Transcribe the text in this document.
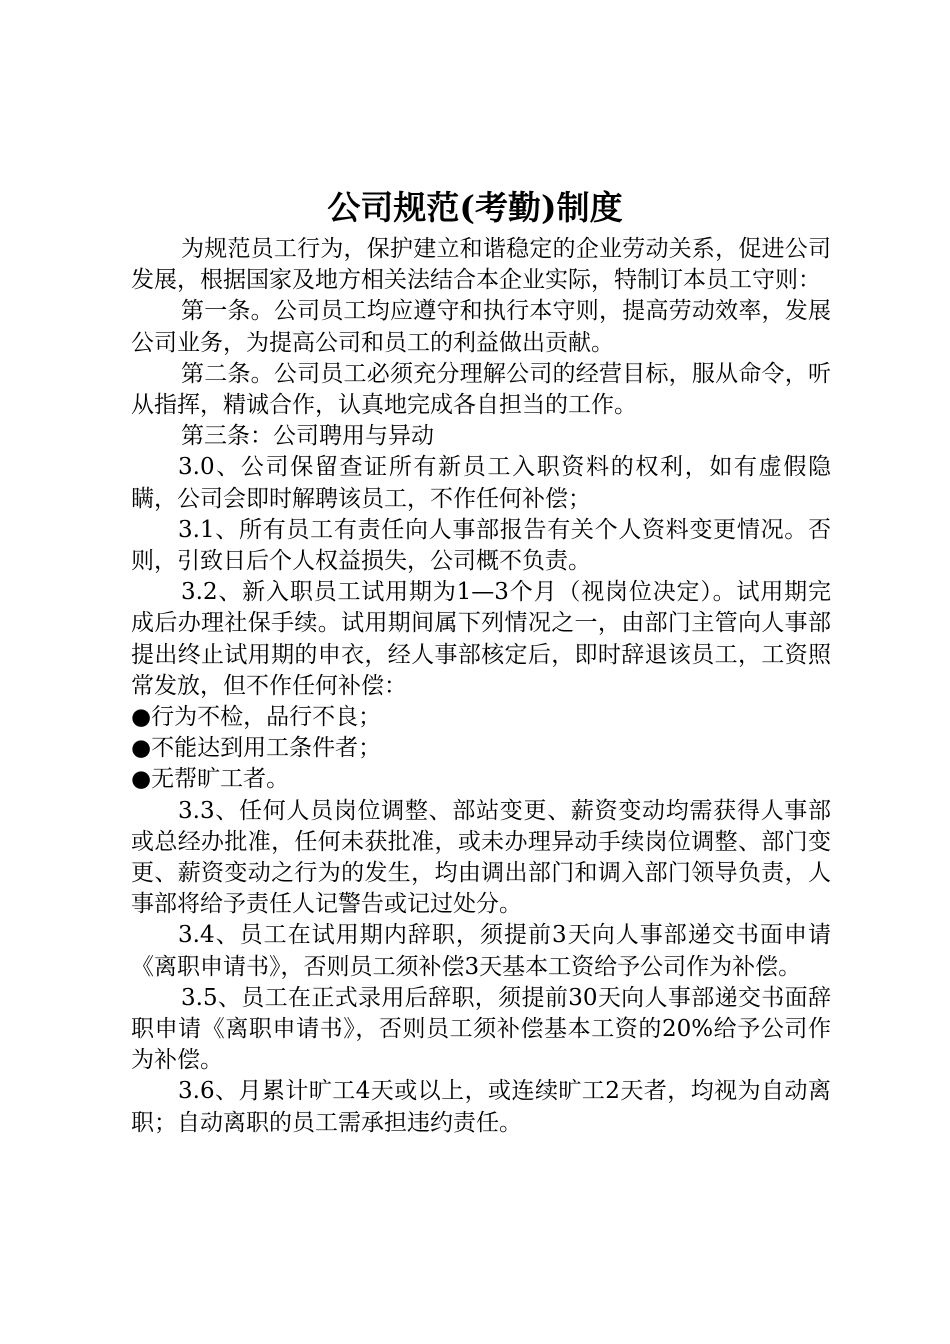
公司规范(考勤)制度

为规范员工行为，保护建立和谐稳定的企业劳动关系，促进公司发展，根据国家及地方相关法结合本企业实际，特制订本员工守则：

第一条。公司员工均应遵守和执行本守则，提高劳动效率，发展公司业务，为提高公司和员工的利益做出贡献。

第二条。公司员工必须充分理解公司的经营目标，服从命令，听从指挥，精诚合作，认真地完成各自担当的工作。

第三条：公司聘用与异动

3.0、公司保留查证所有新员工入职资料的权利，如有虚假隐瞒，公司会即时解聘该员工，不作任何补偿；

3.1、所有员工有责任向人事部报告有关个人资料变更情况。否则，引致日后个人权益损失，公司概不负责。

3.2、新入职员工试用期为1—3个月（视岗位决定）。试用期完成后办理社保手续。试用期间属下列情况之一，由部门主管向人事部提出终止试用期的申衣，经人事部核定后，即时辞退该员工，工资照常发放，但不作任何补偿：

●行为不检，品行不良；

●不能达到用工条件者；

●无帮旷工者。

3.3、任何人员岗位调整、部站变更、薪资变动均需获得人事部或总经办批准，任何未获批准，或未办理异动手续岗位调整、部门变更、薪资变动之行为的发生，均由调出部门和调入部门领导负责，人事部将给予责任人记警告或记过处分。

3.4、员工在试用期内辞职，须提前3天向人事部递交书面申请《离职申请书》，否则员工须补偿3天基本工资给予公司作为补偿。

3.5、员工在正式录用后辞职，须提前30天向人事部递交书面辞职申请《离职申请书》，否则员工须补偿基本工资的20%给予公司作为补偿。

3.6、月累计旷工4天或以上，或连续旷工2天者，均视为自动离职；自动离职的员工需承担违约责任。
